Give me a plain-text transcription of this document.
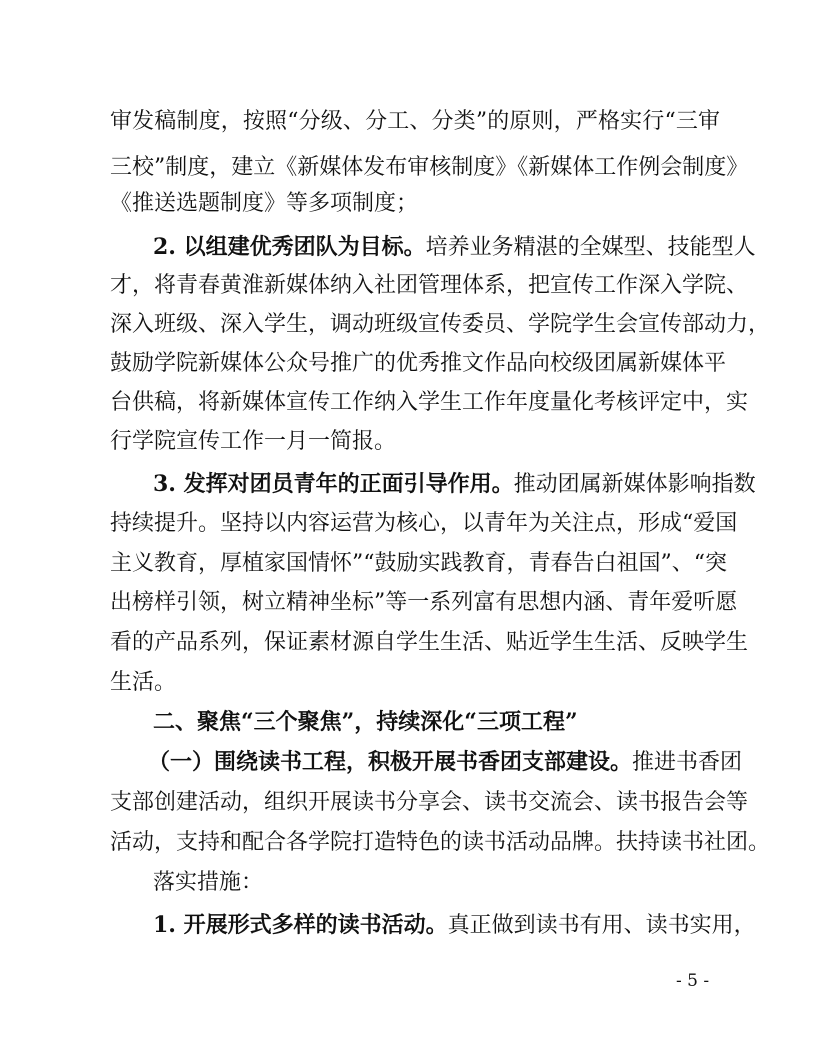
审发稿制度，按照“分级、分工、分类”的原则，严格实行“三审
三校”制度，建立《新媒体发布审核制度》《新媒体工作例会制度》
《推送选题制度》等多项制度；
2. 以组建优秀团队为目标。培养业务精湛的全媒型、技能型人
才，将青春黄淮新媒体纳入社团管理体系，把宣传工作深入学院、
深入班级、深入学生，调动班级宣传委员、学院学生会宣传部动力，
鼓励学院新媒体公众号推广的优秀推文作品向校级团属新媒体平
台供稿，将新媒体宣传工作纳入学生工作年度量化考核评定中，实
行学院宣传工作一月一简报。
3. 发挥对团员青年的正面引导作用。推动团属新媒体影响指数
持续提升。坚持以内容运营为核心，以青年为关注点，形成“爱国
主义教育，厚植家国情怀”“鼓励实践教育，青春告白祖国”、“突
出榜样引领，树立精神坐标”等一系列富有思想内涵、青年爱听愿
看的产品系列，保证素材源自学生生活、贴近学生生活、反映学生
生活。
二、聚焦“三个聚焦”，持续深化“三项工程”
（一）围绕读书工程，积极开展书香团支部建设。推进书香团
支部创建活动，组织开展读书分享会、读书交流会、读书报告会等
活动，支持和配合各学院打造特色的读书活动品牌。扶持读书社团。
落实措施：
1. 开展形式多样的读书活动。真正做到读书有用、读书实用，
- 5 -
